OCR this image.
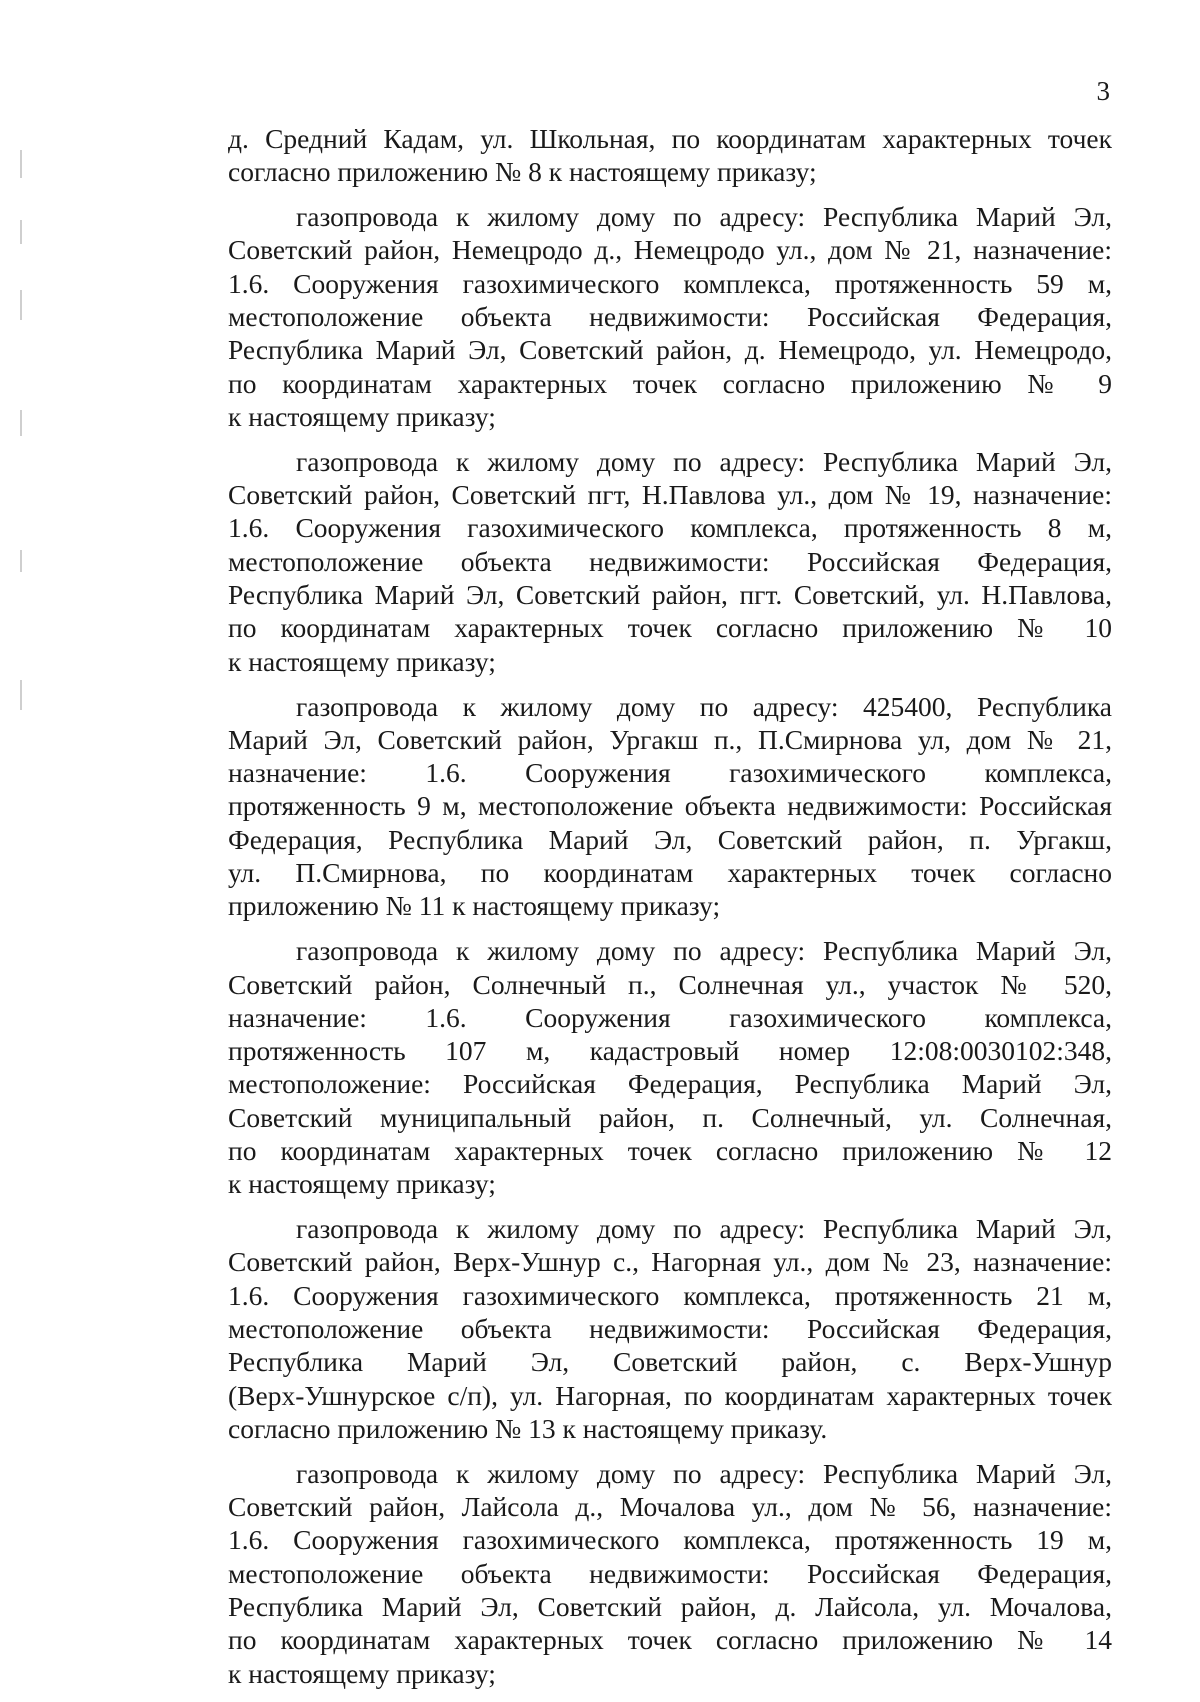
3

д. Средний Кадам, ул. Школьная, по координатам характерных точек
согласно приложению № 8 к настоящему приказу;

газопровода к жилому дому по адресу: Республика Марий Эл,
Советский район, Немецродо д., Немецродо ул., дом № 21, назначение:
1.6. Сооружения газохимического комплекса, протяженность 59 м,
местоположение объекта недвижимости: Российская Федерация,
Республика Марий Эл, Советский район, д. Немецродо, ул. Немецродо,
по координатам характерных точек согласно приложению № 9
к настоящему приказу;

газопровода к жилому дому по адресу: Республика Марий Эл,
Советский район, Советский пгт, Н.Павлова ул., дом № 19, назначение:
1.6. Сооружения газохимического комплекса, протяженность 8 м,
местоположение объекта недвижимости: Российская Федерация,
Республика Марий Эл, Советский район, пгт. Советский, ул. Н.Павлова,
по координатам характерных точек согласно приложению № 10
к настоящему приказу;

газопровода к жилому дому по адресу: 425400, Республика
Марий Эл, Советский район, Ургакш п., П.Смирнова ул, дом № 21,
назначение: 1.6. Сооружения газохимического комплекса,
протяженность 9 м, местоположение объекта недвижимости: Российская
Федерация, Республика Марий Эл, Советский район, п. Ургакш,
ул. П.Смирнова, по координатам характерных точек согласно
приложению № 11 к настоящему приказу;

газопровода к жилому дому по адресу: Республика Марий Эл,
Советский район, Солнечный п., Солнечная ул., участок № 520,
назначение: 1.6. Сооружения газохимического комплекса,
протяженность 107 м, кадастровый номер 12:08:0030102:348,
местоположение: Российская Федерация, Республика Марий Эл,
Советский муниципальный район, п. Солнечный, ул. Солнечная,
по координатам характерных точек согласно приложению № 12
к настоящему приказу;

газопровода к жилому дому по адресу: Республика Марий Эл,
Советский район, Верх-Ушнур с., Нагорная ул., дом № 23, назначение:
1.6. Сооружения газохимического комплекса, протяженность 21 м,
местоположение объекта недвижимости: Российская Федерация,
Республика Марий Эл, Советский район, с. Верх-Ушнур
(Верх-Ушнурское с/п), ул. Нагорная, по координатам характерных точек
согласно приложению № 13 к настоящему приказу.

газопровода к жилому дому по адресу: Республика Марий Эл,
Советский район, Лайсола д., Мочалова ул., дом № 56, назначение:
1.6. Сооружения газохимического комплекса, протяженность 19 м,
местоположение объекта недвижимости: Российская Федерация,
Республика Марий Эл, Советский район, д. Лайсола, ул. Мочалова,
по координатам характерных точек согласно приложению № 14
к настоящему приказу;
